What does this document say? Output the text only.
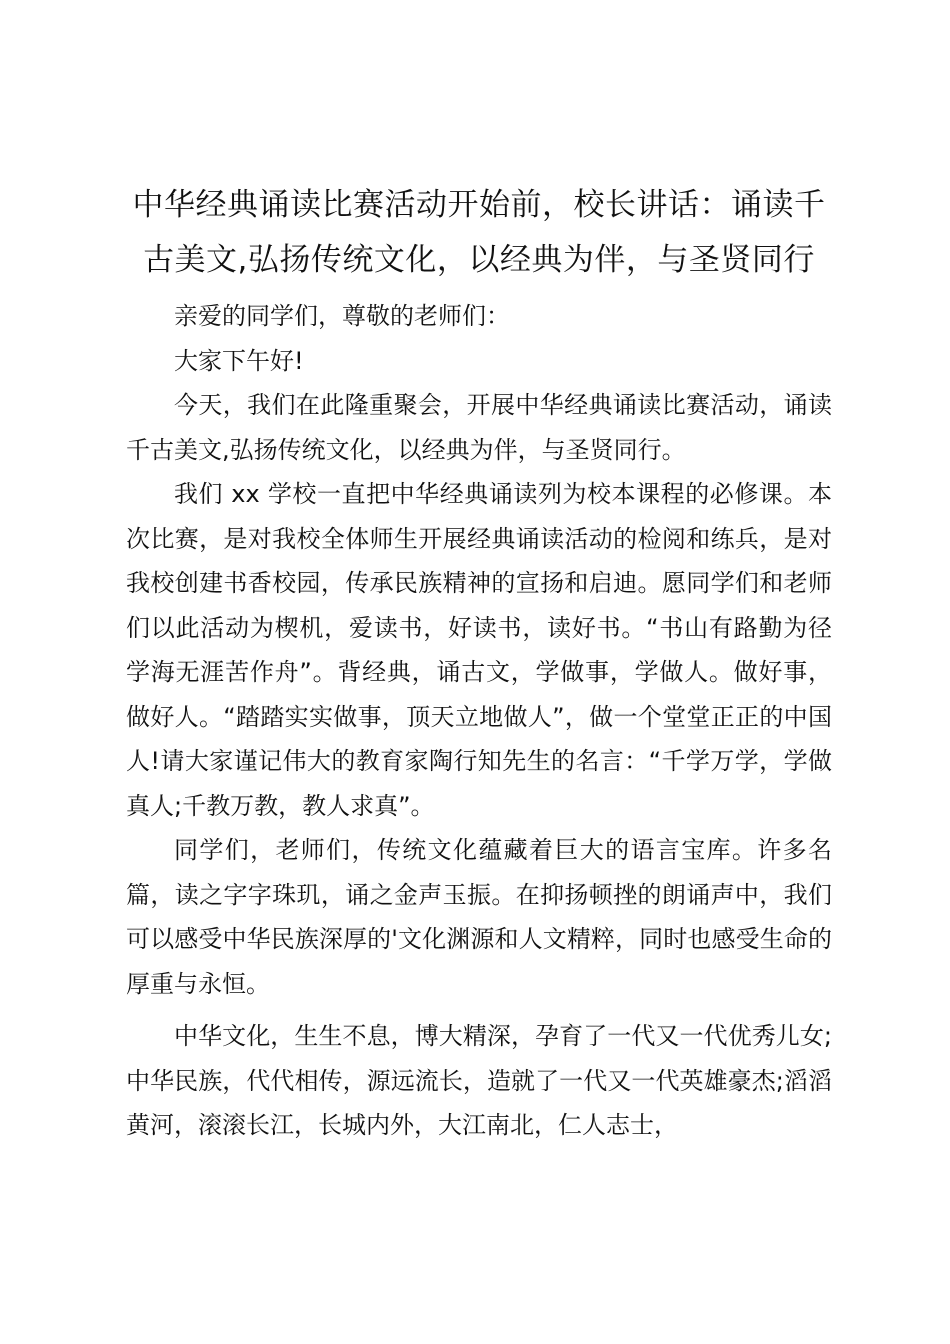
中华经典诵读比赛活动开始前，校长讲话：诵读千古美文,弘扬传统文化，以经典为伴，与圣贤同行

亲爱的同学们，尊敬的老师们：

大家下午好!

今天，我们在此隆重聚会，开展中华经典诵读比赛活动，诵读千古美文,弘扬传统文化，以经典为伴，与圣贤同行。

我们 xx 学校一直把中华经典诵读列为校本课程的必修课。本次比赛，是对我校全体师生开展经典诵读活动的检阅和练兵，是对我校创建书香校园，传承民族精神的宣扬和启迪。愿同学们和老师们以此活动为楔机，爱读书，好读书，读好书。“书山有路勤为径学海无涯苦作舟”。背经典，诵古文，学做事，学做人。做好事，做好人。“踏踏实实做事，顶天立地做人”，做一个堂堂正正的中国人!请大家谨记伟大的教育家陶行知先生的名言：“千学万学，学做真人;千教万教，教人求真”。

同学们，老师们，传统文化蕴藏着巨大的语言宝库。许多名篇，读之字字珠玑，诵之金声玉振。在抑扬顿挫的朗诵声中，我们可以感受中华民族深厚的'文化渊源和人文精粹，同时也感受生命的厚重与永恒。

中华文化，生生不息，博大精深，孕育了一代又一代优秀儿女;中华民族，代代相传，源远流长，造就了一代又一代英雄豪杰;滔滔黄河，滚滚长江，长城内外，大江南北，仁人志士，
